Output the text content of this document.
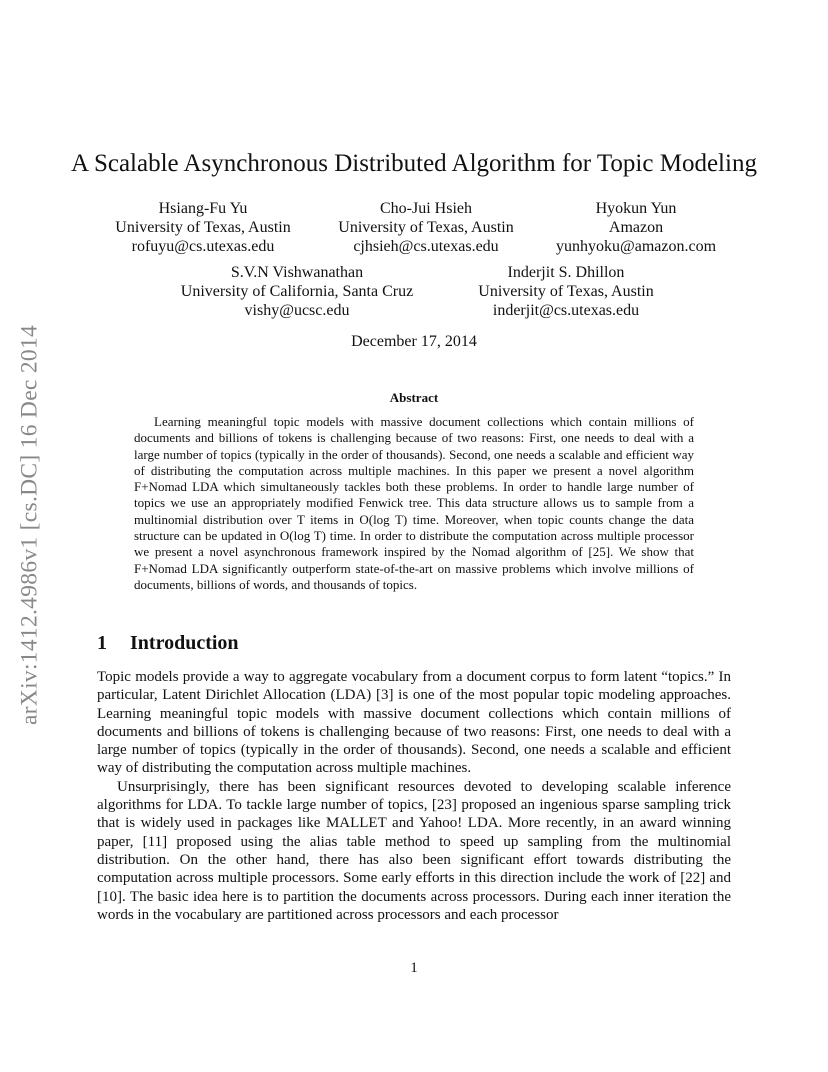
arXiv:1412.4986v1 [cs.DC] 16 Dec 2014
A Scalable Asynchronous Distributed Algorithm for Topic Modeling
Hsiang-Fu Yu
University of Texas, Austin
rofuyu@cs.utexas.edu
Cho-Jui Hsieh
University of Texas, Austin
cjhsieh@cs.utexas.edu
Hyokun Yun
Amazon
yunhyoku@amazon.com
S.V.N Vishwanathan
University of California, Santa Cruz
vishy@ucsc.edu
Inderjit S. Dhillon
University of Texas, Austin
inderjit@cs.utexas.edu
December 17, 2014
Abstract

Learning meaningful topic models with massive document collections which contain millions of documents and billions of tokens is challenging because of two reasons: First, one needs to deal with a large number of topics (typically in the order of thousands). Second, one needs a scalable and efficient way of distributing the computation across multiple machines. In this paper we present a novel algorithm F+Nomad LDA which simultaneously tackles both these problems. In order to handle large number of topics we use an appropriately modified Fenwick tree. This data structure allows us to sample from a multinomial distribution over T items in O(log T) time. Moreover, when topic counts change the data structure can be updated in O(log T) time. In order to distribute the computation across multiple processor we present a novel asynchronous framework inspired by the Nomad algorithm of [25]. We show that F+Nomad LDA significantly outperform state-of-the-art on massive problems which involve millions of documents, billions of words, and thousands of topics.

1 Introduction

Topic models provide a way to aggregate vocabulary from a document corpus to form latent “topics.” In particular, Latent Dirichlet Allocation (LDA) [3] is one of the most popular topic modeling approaches. Learning meaningful topic models with massive document collections which contain millions of documents and billions of tokens is challenging because of two reasons: First, one needs to deal with a large number of topics (typically in the order of thousands). Second, one needs a scalable and efficient way of distributing the computation across multiple machines.

Unsurprisingly, there has been significant resources devoted to developing scalable inference algorithms for LDA. To tackle large number of topics, [23] proposed an ingenious sparse sampling trick that is widely used in packages like MALLET and Yahoo! LDA. More recently, in an award winning paper, [11] proposed using the alias table method to speed up sampling from the multinomial distribution. On the other hand, there has also been significant effort towards distributing the computation across multiple processors. Some early efforts in this direction include the work of [22] and [10]. The basic idea here is to partition the documents across processors. During each inner iteration the words in the vocabulary are partitioned across processors and each processor

1
